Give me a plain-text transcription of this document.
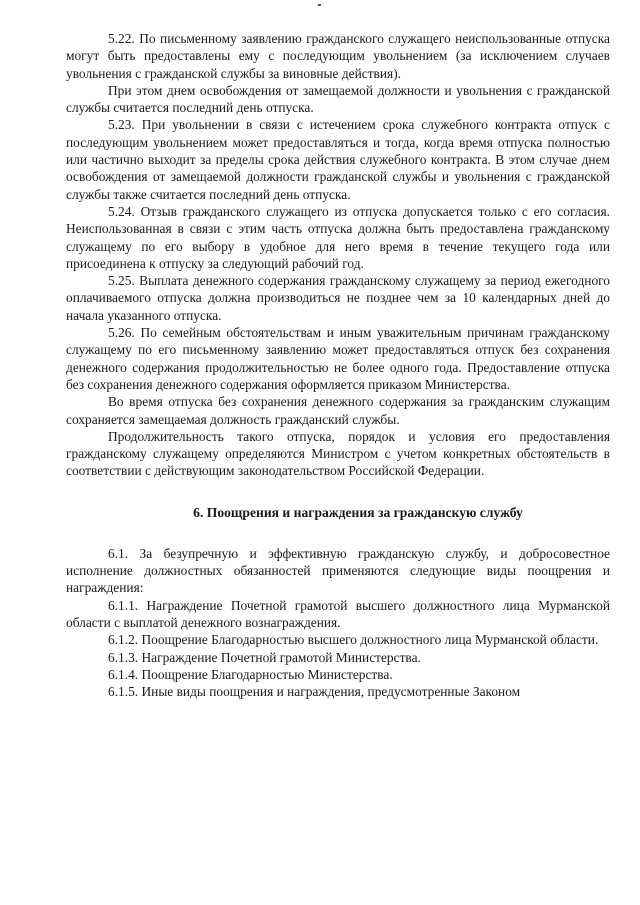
5.22. По письменному заявлению гражданского служащего неиспользованные отпуска могут быть предоставлены ему с последующим увольнением (за исключением случаев увольнения с гражданской службы за виновные действия).

При этом днем освобождения от замещаемой должности и увольнения с гражданской службы считается последний день отпуска.

5.23. При увольнении в связи с истечением срока служебного контракта отпуск с последующим увольнением может предоставляться и тогда, когда время отпуска полностью или частично выходит за пределы срока действия служебного контракта. В этом случае днем освобождения от замещаемой должности гражданской службы и увольнения с гражданской службы также считается последний день отпуска.

5.24. Отзыв гражданского служащего из отпуска допускается только с его согласия. Неиспользованная в связи с этим часть отпуска должна быть предоставлена гражданскому служащему по его выбору в удобное для него время в течение текущего года или присоединена к отпуску за следующий рабочий год.

5.25. Выплата денежного содержания гражданскому служащему за период ежегодного оплачиваемого отпуска должна производиться не позднее чем за 10 календарных дней до начала указанного отпуска.

5.26. По семейным обстоятельствам и иным уважительным причинам гражданскому служащему по его письменному заявлению может предоставляться отпуск без сохранения денежного содержания продолжительностью не более одного года. Предоставление отпуска без сохранения денежного содержания оформляется приказом Министерства.

Во время отпуска без сохранения денежного содержания за гражданским служащим сохраняется замещаемая должность гражданский службы.

Продолжительность такого отпуска, порядок и условия его предоставления гражданскому служащему определяются Министром с учетом конкретных обстоятельств в соответствии с действующим законодательством Российской Федерации.

6. Поощрения и награждения за гражданскую службу

6.1. За безупречную и эффективную гражданскую службу, и добросовестное исполнение должностных обязанностей применяются следующие виды поощрения и награждения:

6.1.1. Награждение Почетной грамотой высшего должностного лица Мурманской области с выплатой денежного вознаграждения.

6.1.2. Поощрение Благодарностью высшего должностного лица Мурманской области.

6.1.3. Награждение Почетной грамотой Министерства.

6.1.4. Поощрение Благодарностью Министерства.

6.1.5. Иные виды поощрения и награждения, предусмотренные Законом
